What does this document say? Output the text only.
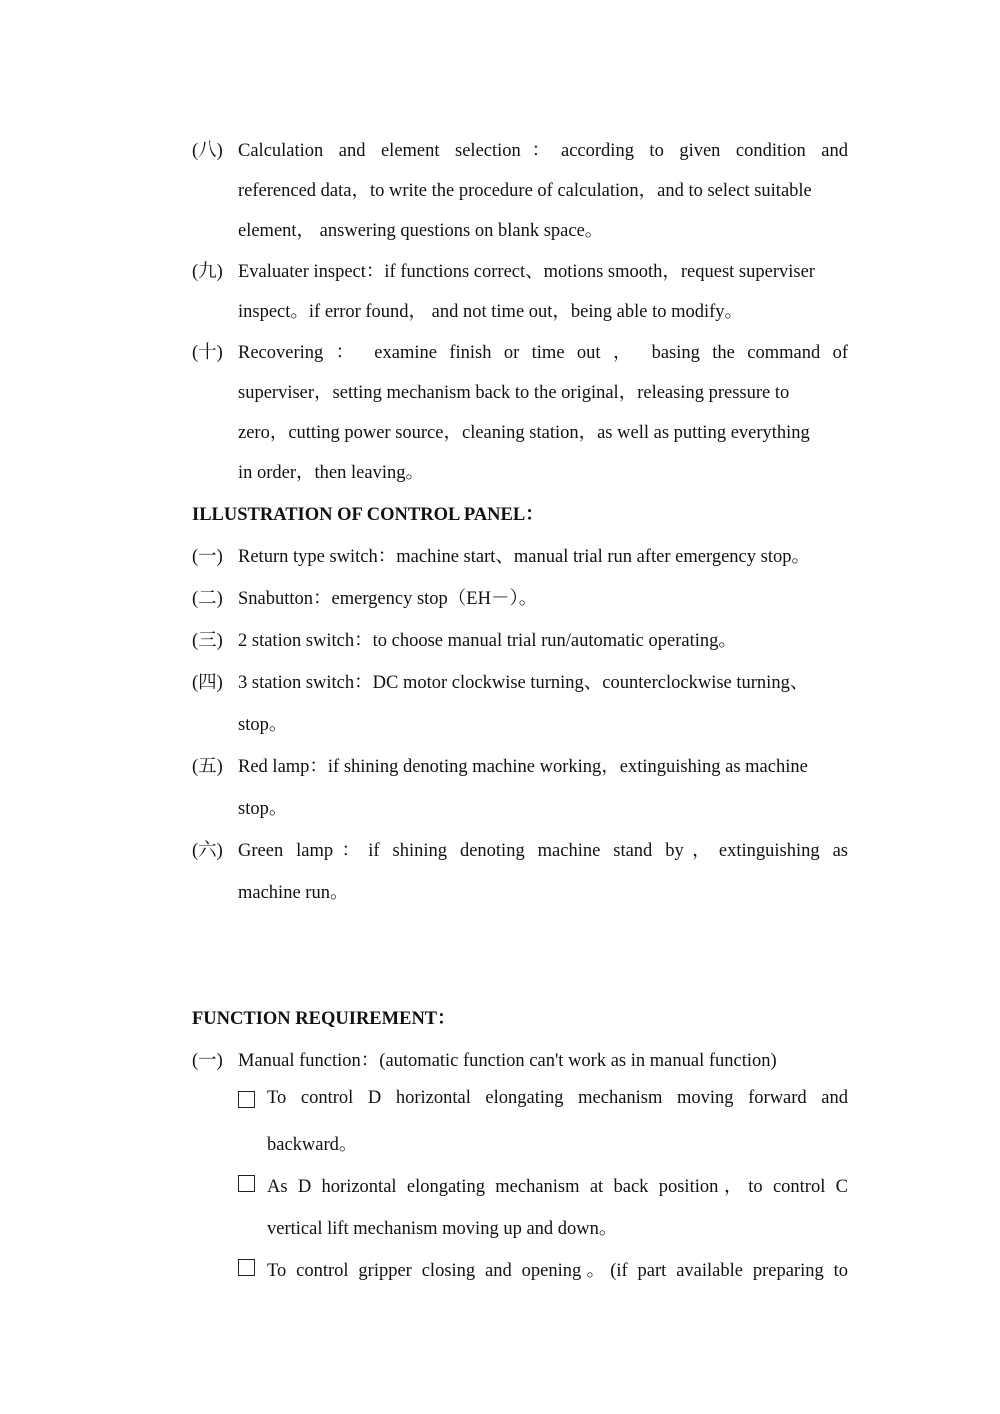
(八) Calculation and element selection：according to given condition and
referenced data，to write the procedure of calculation，and to select suitable
element， answering questions on blank space。
(九) Evaluater inspect：if functions correct、motions smooth，request superviser
inspect。if error found， and not time out，being able to modify。
(十) Recovering ： examine finish or time out ， basing the command of
superviser，setting mechanism back to the original，releasing pressure to
zero，cutting power source，cleaning station，as well as putting everything
in order，then leaving。
ILLUSTRATION OF CONTROL PANEL：
(一) Return type switch：machine start、manual trial run after emergency stop。
(二) Snabutton：emergency stop（EH－）。
(三) 2 station switch：to choose manual trial run/automatic operating。
(四) 3 station switch：DC motor clockwise turning、counterclockwise turning、
stop。
(五) Red lamp：if shining denoting machine working，extinguishing as machine
stop。
(六) Green lamp：if shining denoting machine stand by，extinguishing as
machine run。
FUNCTION REQUIREMENT：
(一) Manual function：(automatic function can't work as in manual function)
To control D horizontal elongating mechanism moving forward and
backward。
As D horizontal elongating mechanism at back position，to control C
vertical lift mechanism moving up and down。
To control gripper closing and opening。(if part available preparing to
